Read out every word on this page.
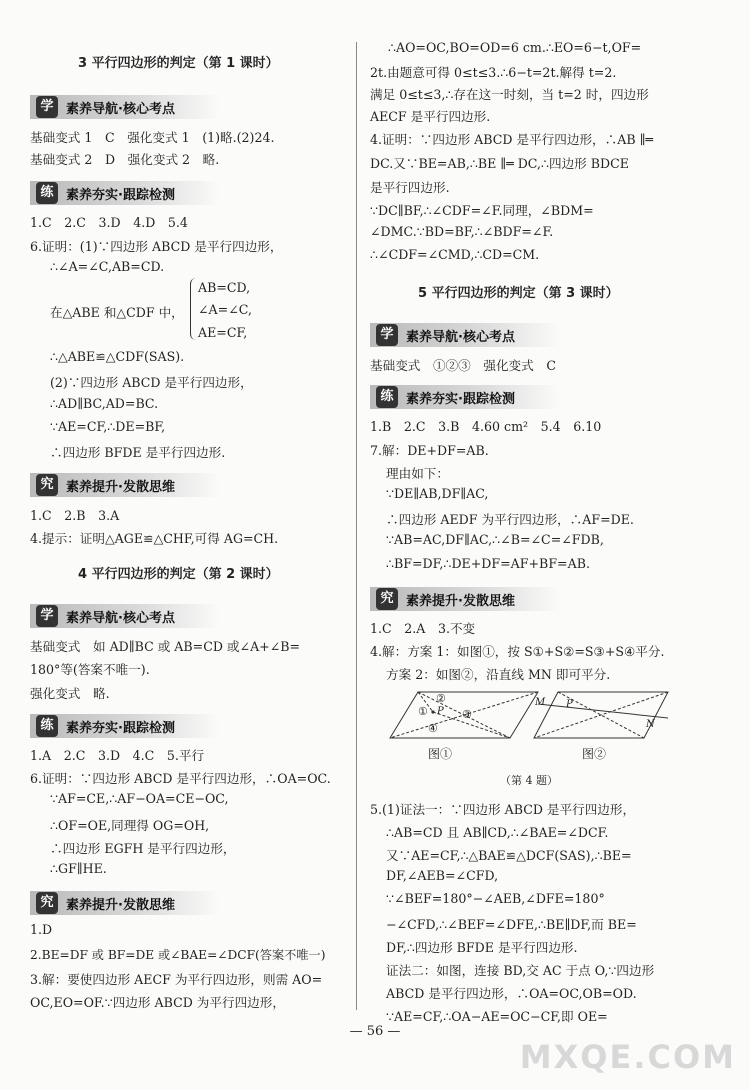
3 平行四边形的判定（第 1 课时）
学 素养导航·核心考点
基础变式 1　C　强化变式 1　(1)略.(2)24.
基础变式 2　D　强化变式 2　略.
练 素养夯实·跟踪检测
1.C　2.C　3.D　4.D　5.4
6.证明：(1)∵四边形 ABCD 是平行四边形，
∴∠A=∠C,AB=CD.
在△ABE 和△CDF 中，
AB=CD,
∠A=∠C,
AE=CF,
∴△ABE≌△CDF(SAS).
(2)∵四边形 ABCD 是平行四边形，
∴AD∥BC,AD=BC.
∵AE=CF,∴DE=BF,
∴四边形 BFDE 是平行四边形.
究 素养提升·发散思维
1.C　2.B　3.A
4.提示：证明△AGE≌△CHF,可得 AG=CH.
4 平行四边形的判定（第 2 课时）
学 素养导航·核心考点
基础变式　如 AD∥BC 或 AB=CD 或∠A+∠B=
180°等(答案不唯一).
强化变式　略.
练 素养夯实·跟踪检测
1.A　2.C　3.D　4.C　5.平行
6.证明：∵四边形 ABCD 是平行四边形，∴OA=OC.
∵AF=CE,∴AF−OA=CE−OC,
∴OF=OE,同理得 OG=OH,
∴四边形 EGFH 是平行四边形，
∴GF∥HE.
究 素养提升·发散思维
1.D
2.BE=DF 或 BF=DE 或∠BAE=∠DCF(答案不唯一)
3.解：要使四边形 AECF 为平行四边形，则需 AO=
OC,EO=OF.∵四边形 ABCD 为平行四边形，
∴AO=OC,BO=OD=6 cm.∴EO=6−t,OF=
2t.由题意可得 0≤t≤3.∴6−t=2t.解得 t=2.
满足 0≤t≤3,∴存在这一时刻，当 t=2 时，四边形
AECF 是平行四边形.
4.证明：∵四边形 ABCD 是平行四边形，∴AB ∥═
DC.又∵BE=AB,∴BE ∥═ DC,∴四边形 BDCE
是平行四边形.
∵DC∥BF,∴∠CDF=∠F.同理，∠BDM=
∠DMC.∵BD=BF,∴∠BDF=∠F.
∴∠CDF=∠CMD,∴CD=CM.
5 平行四边形的判定（第 3 课时）
学 素养导航·核心考点
基础变式　①②③　强化变式　C
练 素养夯实·跟踪检测
1.B　2.C　3.B　4.60 cm²　5.4　6.10
7.解：DE+DF=AB.
理由如下：
∵DE∥AB,DF∥AC,
∴四边形 AEDF 为平行四边形，∴AF=DE.
∵AB=AC,DF∥AC,∴∠B=∠C=∠FDB,
∴BF=DF,∴DE+DF=AF+BF=AB.
究 素养提升·发散思维
1.C　2.A　3.不变
4.解：方案 1：如图①，按 S①+S②=S③+S④平分.
方案 2：如图②，沿直线 MN 即可平分.
①
②
③
④
P
P
M
N
图①	图②
（第 4 题）
5.(1)证法一：∵四边形 ABCD 是平行四边形，
∴AB=CD 且 AB∥CD,∴∠BAE=∠DCF.
又∵AE=CF,∴△BAE≌△DCF(SAS),∴BE=
DF,∠AEB=∠CFD,
∵∠BEF=180°−∠AEB,∠DFE=180°
−∠CFD,∴∠BEF=∠DFE,∴BE∥DF,而 BE=
DF,∴四边形 BFDE 是平行四边形.
证法二：如图，连接 BD,交 AC 于点 O,∵四边形
ABCD 是平行四边形，∴OA=OC,OB=OD.
∵AE=CF,∴OA−AE=OC−CF,即 OE=
— 56 —
MXQE.COM
